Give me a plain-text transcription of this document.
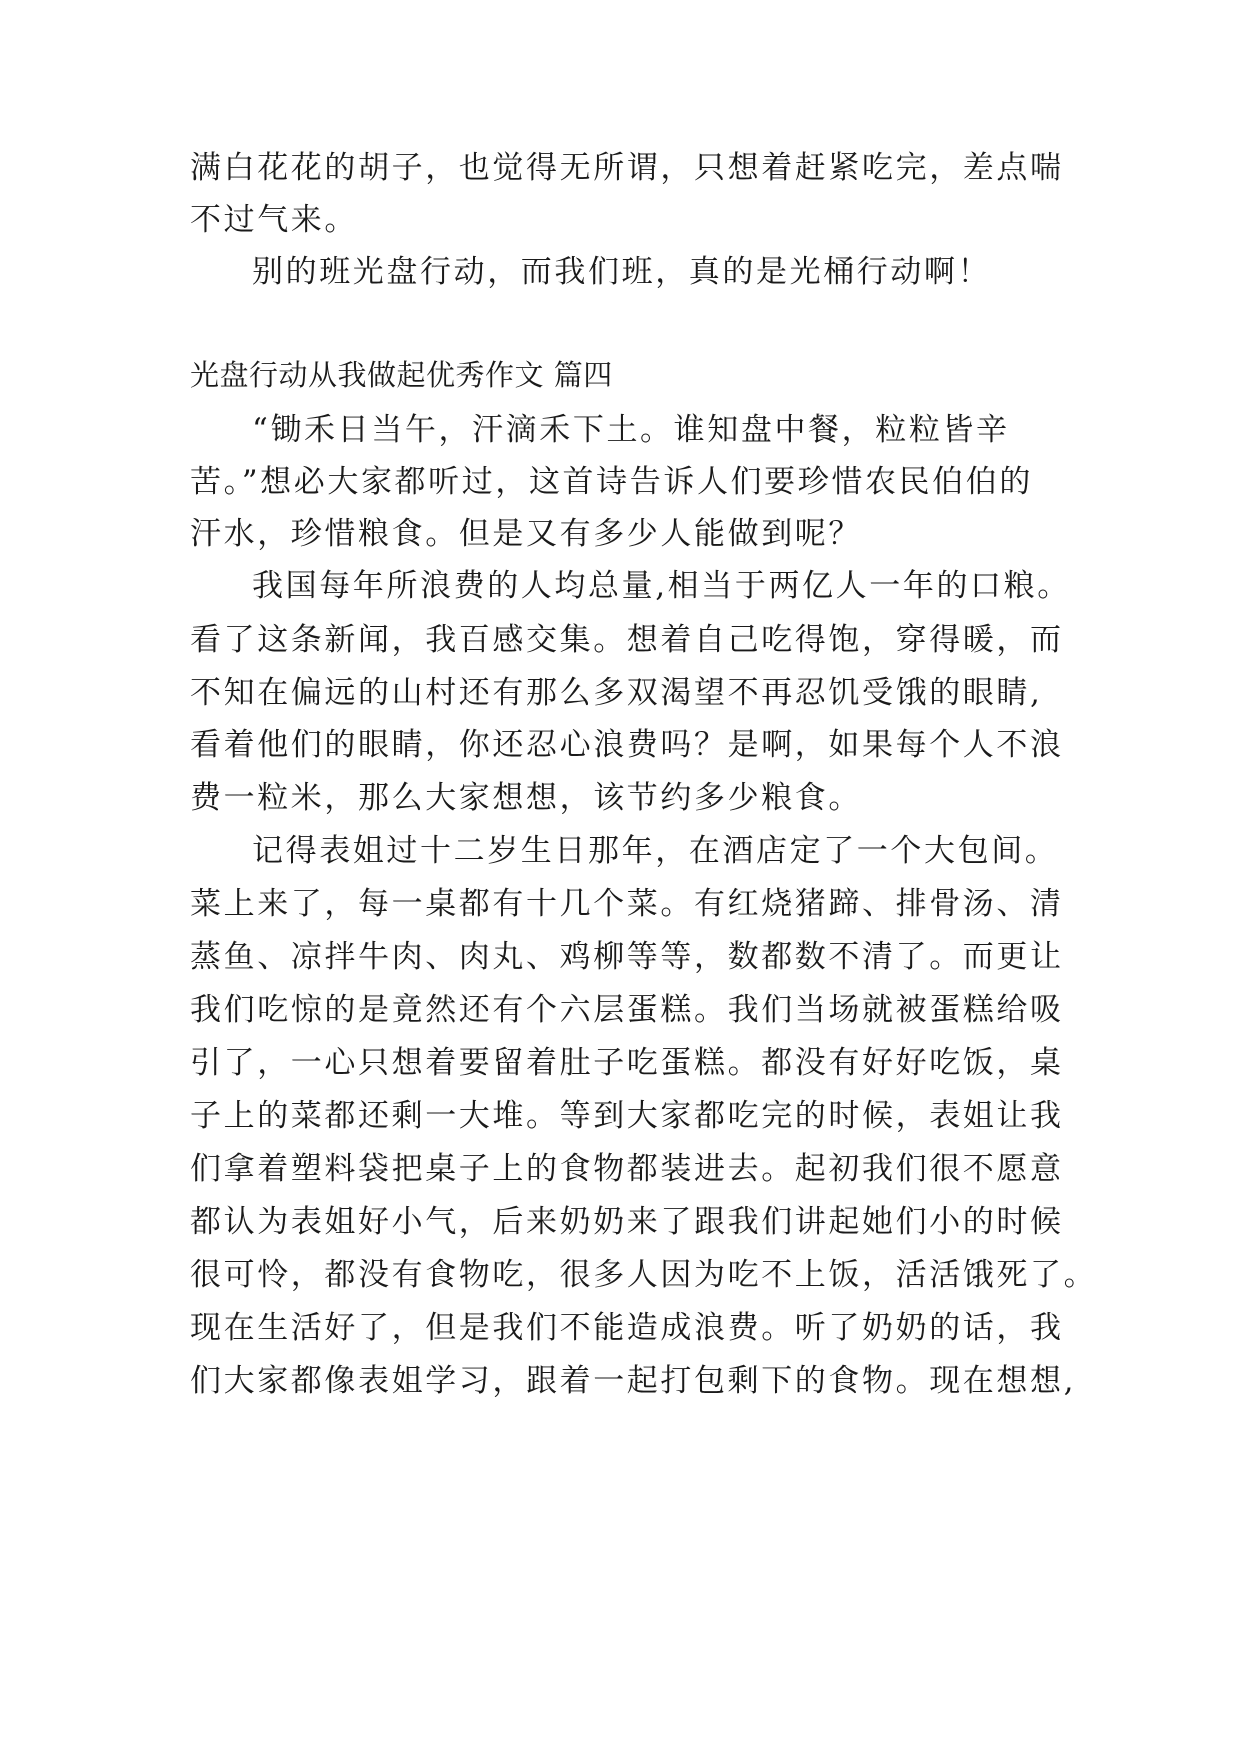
满白花花的胡子，也觉得无所谓，只想着赶紧吃完，差点喘
不过气来。
别的班光盘行动，而我们班，真的是光桶行动啊！
光盘行动从我做起优秀作文 篇四
“锄禾日当午，汗滴禾下土。谁知盘中餐，粒粒皆辛
苦。”想必大家都听过，这首诗告诉人们要珍惜农民伯伯的
汗水，珍惜粮食。但是又有多少人能做到呢？
我国每年所浪费的人均总量,相当于两亿人一年的口粮。
看了这条新闻，我百感交集。想着自己吃得饱，穿得暖，而
不知在偏远的山村还有那么多双渴望不再忍饥受饿的眼睛,
看着他们的眼睛，你还忍心浪费吗？是啊，如果每个人不浪
费一粒米，那么大家想想，该节约多少粮食。
记得表姐过十二岁生日那年，在酒店定了一个大包间。
菜上来了，每一桌都有十几个菜。有红烧猪蹄、排骨汤、清
蒸鱼、凉拌牛肉、肉丸、鸡柳等等，数都数不清了。而更让
我们吃惊的是竟然还有个六层蛋糕。我们当场就被蛋糕给吸
引了，一心只想着要留着肚子吃蛋糕。都没有好好吃饭，桌
子上的菜都还剩一大堆。等到大家都吃完的时候，表姐让我
们拿着塑料袋把桌子上的食物都装进去。起初我们很不愿意
都认为表姐好小气，后来奶奶来了跟我们讲起她们小的时候
很可怜，都没有食物吃，很多人因为吃不上饭，活活饿死了。
现在生活好了，但是我们不能造成浪费。听了奶奶的话，我
们大家都像表姐学习，跟着一起打包剩下的食物。现在想想,
